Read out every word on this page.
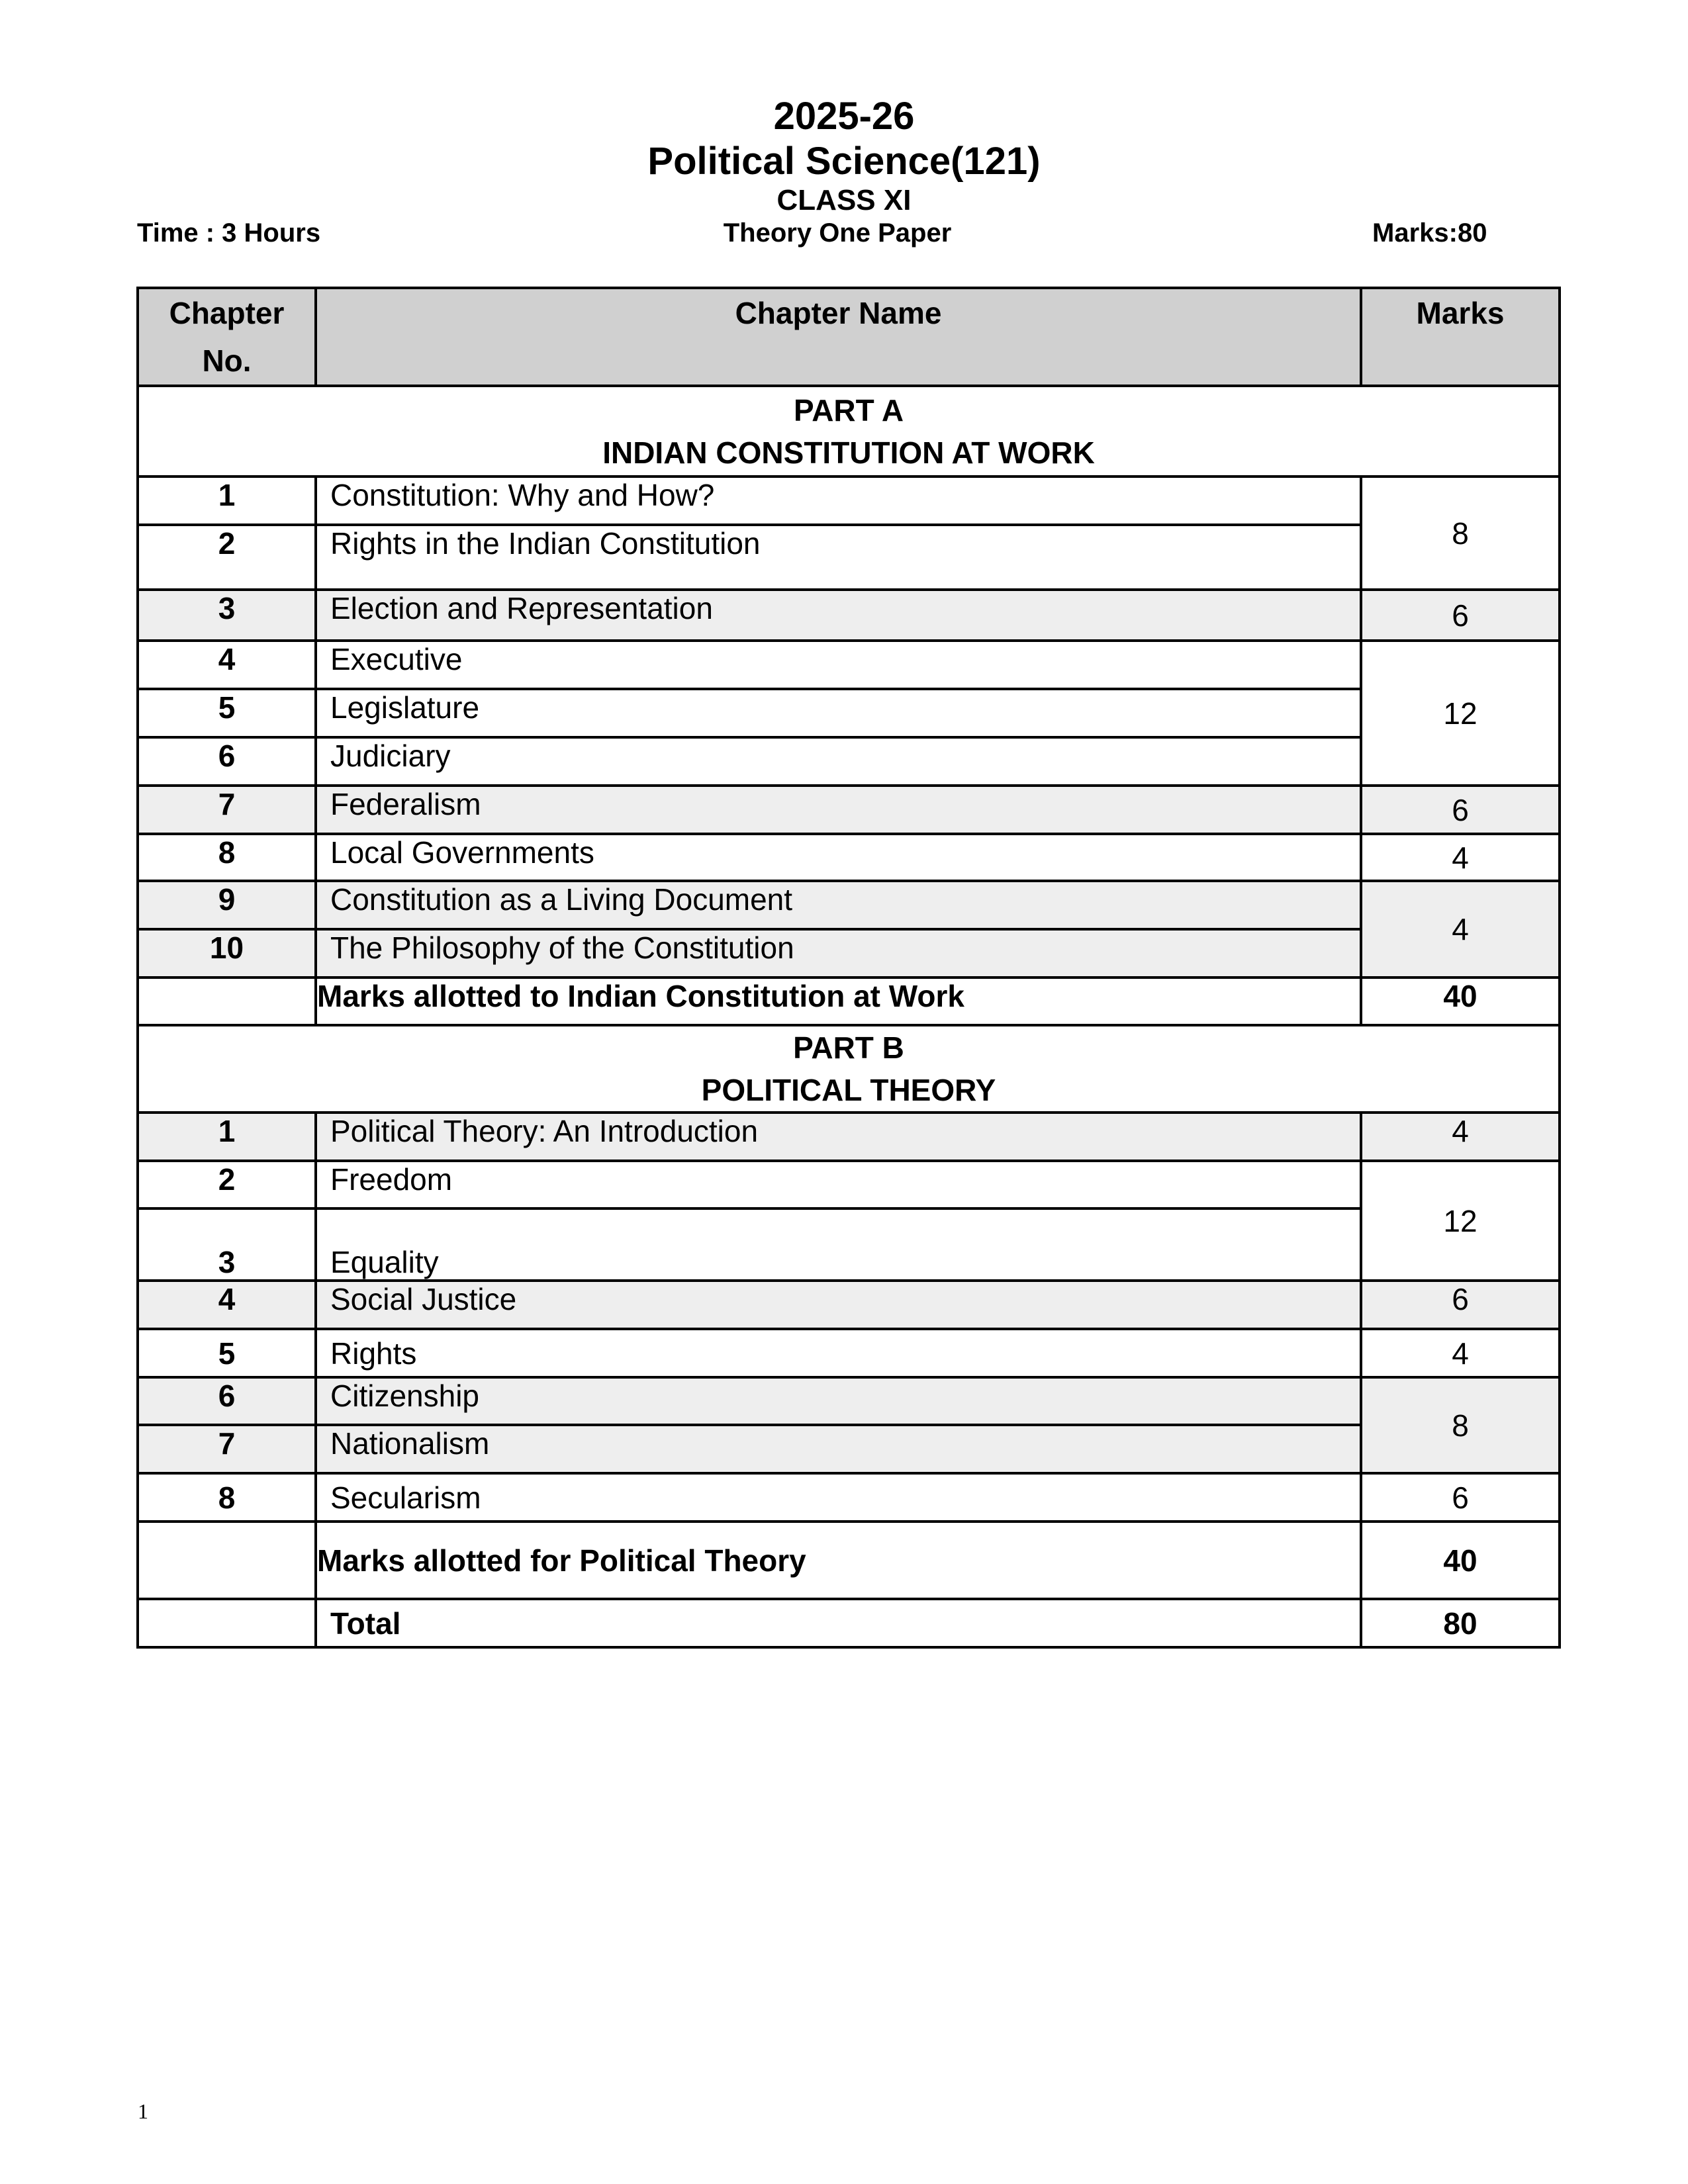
2025-26
Political Science(121)
CLASS XI
Time : 3 Hours	Theory One Paper	Marks:80
Chapter
No.	Chapter Name	Marks
PART A
INDIAN CONSTITUTION AT WORK		
1	Constitution: Why and How?	8
2	Rights in the Indian Constitution	
3	Election and Representation	6
4	Executive	12
5	Legislature	
6	Judiciary	
7	Federalism	6
8	Local Governments	4
9	Constitution as a Living Document	4
10	The Philosophy of the Constitution	
	Marks allotted to Indian Constitution at Work	40
PART B
POLITICAL THEORY		
1	Political Theory: An Introduction	4
2	Freedom	12
3	Equality	
4	Social Justice	6
5	Rights	4
6	Citizenship	8
7	Nationalism	
8	Secularism	6
	Marks allotted for Political Theory	40
	Total	80
1
